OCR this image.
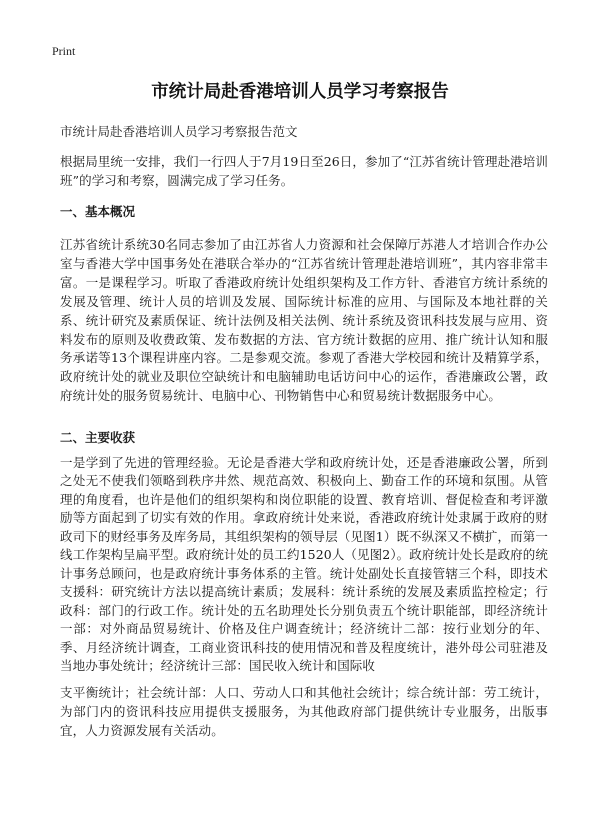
Print
市统计局赴香港培训人员学习考察报告

市统计局赴香港培训人员学习考察报告范文

根据局里统一安排，我们一行四人于7月19日至26日，参加了“江苏省统计管理赴港培训班”的学习和考察，圆满完成了学习任务。

一、基本概况

江苏省统计系统30名同志参加了由江苏省人力资源和社会保障厅苏港人才培训合作办公室与香港大学中国事务处在港联合举办的“江苏省统计管理赴港培训班”，其内容非常丰富。一是课程学习。听取了香港政府统计处组织架构及工作方针、香港官方统计系统的发展及管理、统计人员的培训及发展、国际统计标准的应用、与国际及本地社群的关系、统计研究及素质保证、统计法例及相关法例、统计系统及资讯科技发展与应用、资料发布的原则及收费政策、发布数据的方法、官方统计数据的应用、推广统计认知和服务承诺等13个课程讲座内容。二是参观交流。参观了香港大学校园和统计及精算学系，政府统计处的就业及职位空缺统计和电脑辅助电话访问中心的运作，香港廉政公署，政府统计处的服务贸易统计、电脑中心、刊物销售中心和贸易统计数据服务中心。

二、主要收获

一是学到了先进的管理经验。无论是香港大学和政府统计处，还是香港廉政公署，所到之处无不使我们领略到秩序井然、规范高效、积极向上、勤奋工作的环境和氛围。从管理的角度看，也许是他们的组织架构和岗位职能的设置、教育培训、督促检查和考评激励等方面起到了切实有效的作用。拿政府统计处来说，香港政府统计处隶属于政府的财政司下的财经事务及库务局，其组织架构的领导层（见图1）既不纵深又不横扩，而第一线工作架构呈扁平型。政府统计处的员工约1520人（见图2）。政府统计处长是政府的统计事务总顾问，也是政府统计事务体系的主管。统计处副处长直接管辖三个科，即技术支援科：研究统计方法以提高统计素质；发展科：统计系统的发展及素质监控检定；行政科：部门的行政工作。统计处的五名助理处长分别负责五个统计职能部，即经济统计一部：对外商品贸易统计、价格及住户调查统计；经济统计二部：按行业划分的年、季、月经济统计调查，工商业资讯科技的使用情况和普及程度统计，港外母公司驻港及当地办事处统计；经济统计三部：国民收入统计和国际收

支平衡统计；社会统计部：人口、劳动人口和其他社会统计；综合统计部：劳工统计，为部门内的资讯科技应用提供支援服务，为其他政府部门提供统计专业服务，出版事宜，人力资源发展有关活动。
